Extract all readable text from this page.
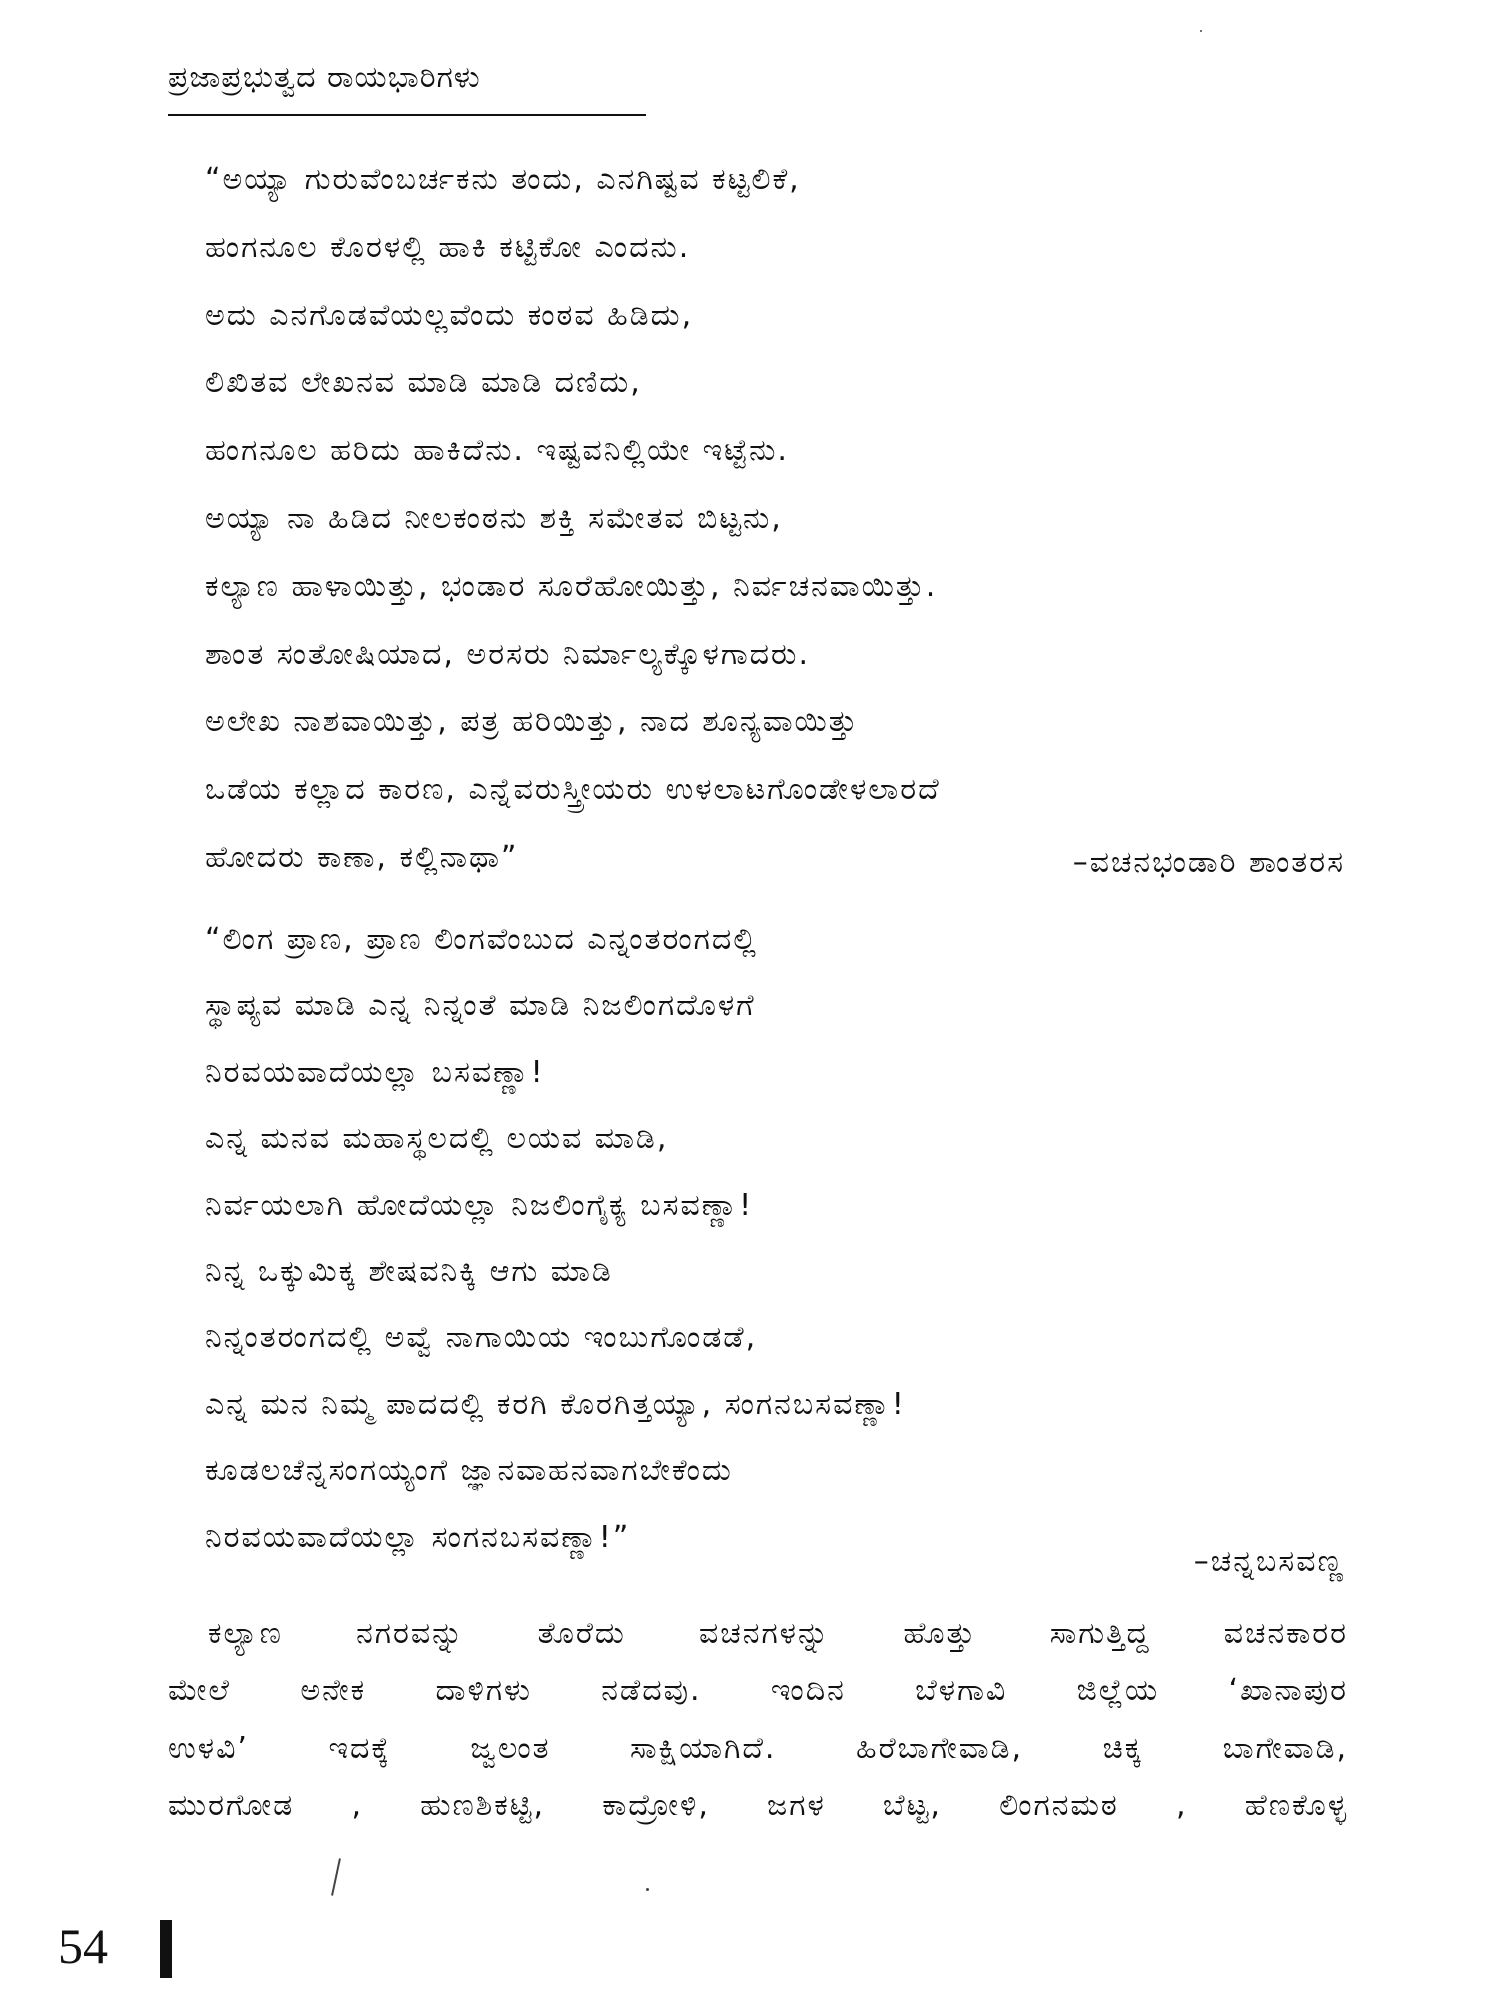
ಪ್ರಜಾಪ್ರಭುತ್ವದ ರಾಯಭಾರಿಗಳು
“ಅಯ್ಯಾ ಗುರುವೆಂಬರ್ಚಕನು ತಂದು, ಎನಗಿಷ್ಟವ ಕಟ್ಟಲಿಕೆ,
ಹಂಗನೂಲ ಕೊರಳಲ್ಲಿ ಹಾಕಿ ಕಟ್ಟಿಕೋ ಎಂದನು.
ಅದು ಎನಗೊಡವೆಯಲ್ಲವೆಂದು ಕಂಠವ ಹಿಡಿದು,
ಲಿಖಿತವ ಲೇಖನವ ಮಾಡಿ ಮಾಡಿ ದಣಿದು,
ಹಂಗನೂಲ ಹರಿದು ಹಾಕಿದೆನು. ಇಷ್ಟವನಿಲ್ಲಿಯೇ ಇಟ್ಟೆನು.
ಅಯ್ಯಾ ನಾ ಹಿಡಿದ ನೀಲಕಂಠನು ಶಕ್ತಿ ಸಮೇತವ ಬಿಟ್ಟನು,
ಕಲ್ಯಾಣ ಹಾಳಾಯಿತ್ತು, ಭಂಡಾರ ಸೂರೆಹೋಯಿತ್ತು, ನಿರ್ವಚನವಾಯಿತ್ತು.
ಶಾಂತ ಸಂತೋಷಿಯಾದ, ಅರಸರು ನಿರ್ಮಾಲ್ಯಕ್ಕೊಳಗಾದರು.
ಅಲೇಖ ನಾಶವಾಯಿತ್ತು, ಪತ್ರ ಹರಿಯಿತ್ತು, ನಾದ ಶೂನ್ಯವಾಯಿತ್ತು
ಒಡೆಯ ಕಲ್ಲಾದ ಕಾರಣ, ಎನ್ನೆವರುಸ್ತ್ರೀಯರು ಉಳಲಾಟಗೊಂಡೇಳಲಾರದೆ
ಹೋದರು ಕಾಣಾ, ಕಲ್ಲಿನಾಥಾ”	–ವಚನಭಂಡಾರಿ ಶಾಂತರಸ
“ಲಿಂಗ ಪ್ರಾಣ, ಪ್ರಾಣ ಲಿಂಗವೆಂಬುದ ಎನ್ನಂತರಂಗದಲ್ಲಿ
ಸ್ಥಾಪ್ಯವ ಮಾಡಿ ಎನ್ನ ನಿನ್ನಂತೆ ಮಾಡಿ ನಿಜಲಿಂಗದೊಳಗೆ
ನಿರವಯವಾದೆಯಲ್ಲಾ ಬಸವಣ್ಣಾ!
ಎನ್ನ ಮನವ ಮಹಾಸ್ಥಲದಲ್ಲಿ ಲಯವ ಮಾಡಿ,
ನಿರ್ವಯಲಾಗಿ ಹೋದೆಯಲ್ಲಾ ನಿಜಲಿಂಗೈಕ್ಯ ಬಸವಣ್ಣಾ!
ನಿನ್ನ ಒಕ್ಕುಮಿಕ್ಕ ಶೇಷವನಿಕ್ಕಿ ಆಗು ಮಾಡಿ
ನಿನ್ನಂತರಂಗದಲ್ಲಿ ಅವ್ವೆ ನಾಗಾಯಿಯ ಇಂಬುಗೊಂಡಡೆ,
ಎನ್ನ ಮನ ನಿಮ್ಮ ಪಾದದಲ್ಲಿ ಕರಗಿ ಕೊರಗಿತ್ತಯ್ಯಾ, ಸಂಗನಬಸವಣ್ಣಾ!
ಕೂಡಲಚೆನ್ನಸಂಗಯ್ಯಂಗೆ ಜ್ಞಾನವಾಹನವಾಗಬೇಕೆಂದು
ನಿರವಯವಾದೆಯಲ್ಲಾ ಸಂಗನಬಸವಣ್ಣಾ!”
–ಚನ್ನಬಸವಣ್ಣ
ಕಲ್ಯಾಣ ನಗರವನ್ನು ತೊರೆದು ವಚನಗಳನ್ನು ಹೊತ್ತು ಸಾಗುತ್ತಿದ್ದ ವಚನಕಾರರ
ಮೇಲೆ ಅನೇಕ ದಾಳಿಗಳು ನಡೆದವು. ಇಂದಿನ ಬೆಳಗಾವಿ ಜಿಲ್ಲೆಯ ‘ಖಾನಾಪುರ
ಉಳವಿ’ ಇದಕ್ಕೆ ಜ್ವಲಂತ ಸಾಕ್ಷಿಯಾಗಿದೆ. ಹಿರೆಬಾಗೇವಾಡಿ, ಚಿಕ್ಕ ಬಾಗೇವಾಡಿ,
ಮುರಗೋಡ , ಹುಣಶಿಕಟ್ಟಿ, ಕಾದ್ರೋಳಿ, ಜಗಳ ಬೆಟ್ಟ, ಲಿಂಗನಮಠ , ಹೆಣಕೊಳ್ಳ
54
